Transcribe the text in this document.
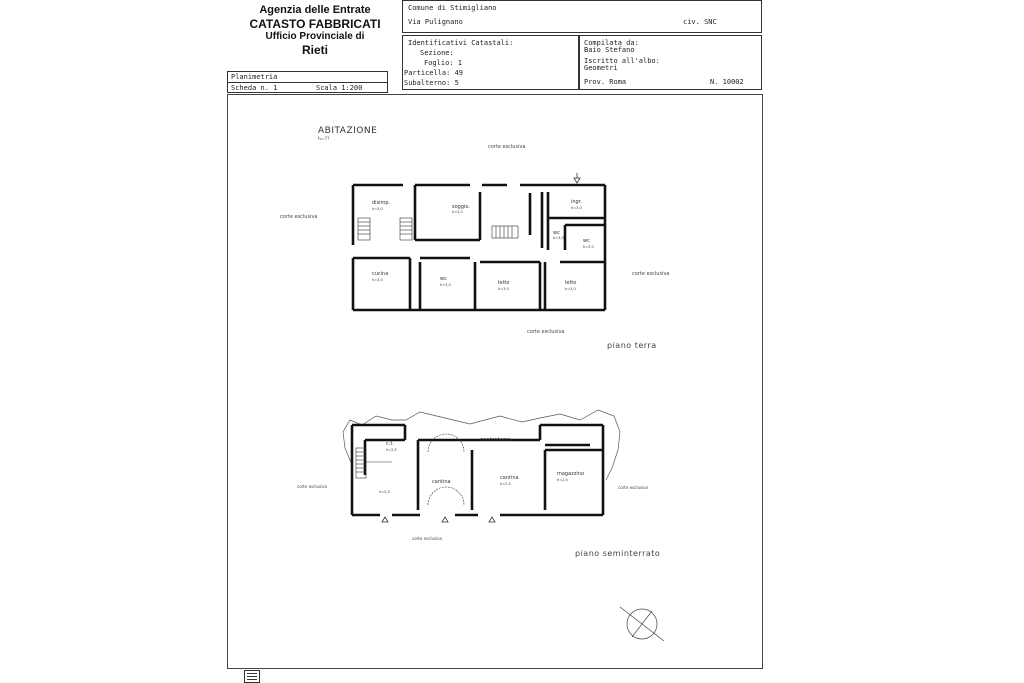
Agenzia delle Entrate
CATASTO FABBRICATI
Ufficio Provinciale di
Rieti
Comune di Stimigliano
Via Pulignano	civ. SNC
Identificativi Catastali:
Sezione:
Foglio: 1
Particella: 49
Subalterno: 5
Compilata da:
Baio Stefano
Iscritto all'albo:
Geometri
Prov. Roma	N. 10002
Planimetria
Scheda n. 1	Scala 1:200
ABITAZIONE
h=??
corte esclusiva
corte esclusiva
corte esclusiva
corte esclusiva
disimp.
h=3,0	soggio.
h=3,0
ingr.
h=3,0
wc
h=3,0	wc
h=3,0
cucina
h=3,0	wc
h=3,0	letto
h=3,0
letto
h=3,0
piano terra
c.t.
h=2,5
h=2,5
cantina
cantina
h=2,5
magazzino
h=2,5
controterra
corte esclusiva	corte esclusiva
corte esclusiva
piano seminterrato
